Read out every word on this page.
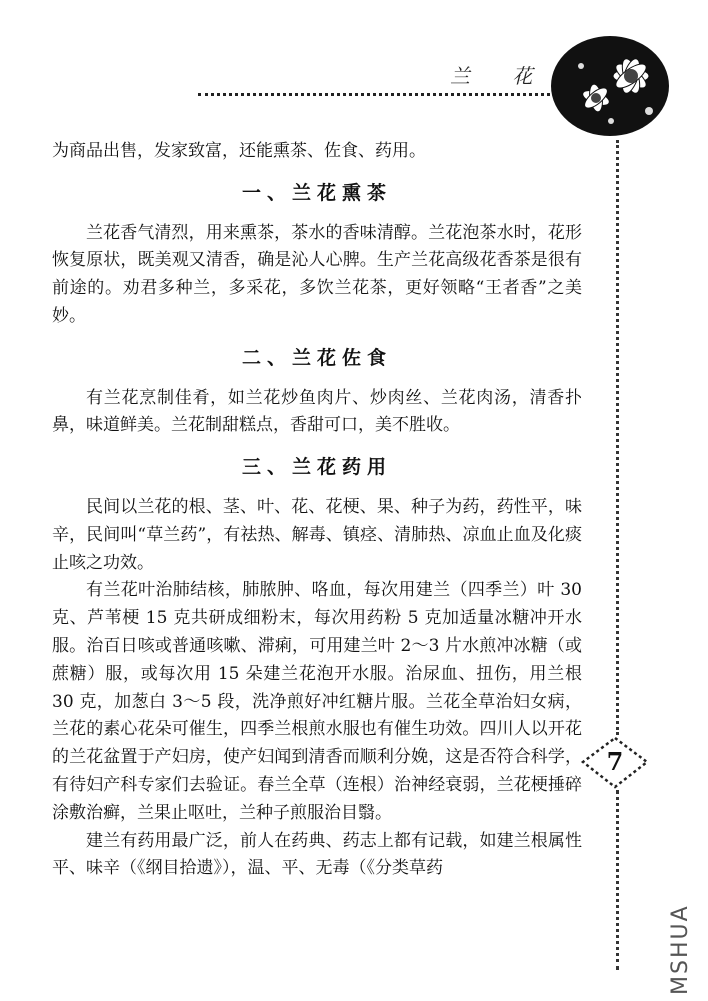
兰 花
7

为商品出售，发家致富，还能熏茶、佐食、药用。

一、兰花熏茶

兰花香气清烈，用来熏茶，茶水的香味清醇。兰花泡茶水时，花形恢复原状，既美观又清香，确是沁人心脾。生产兰花高级花香茶是很有前途的。劝君多种兰，多采花，多饮兰花茶，更好领略“王者香”之美妙。

二、兰花佐食

有兰花烹制佳肴，如兰花炒鱼肉片、炒肉丝、兰花肉汤，清香扑鼻，味道鲜美。兰花制甜糕点，香甜可口，美不胜收。

三、兰花药用

民间以兰花的根、茎、叶、花、花梗、果、种子为药，药性平，味辛，民间叫“草兰药”，有祛热、解毒、镇痉、清肺热、凉血止血及化痰止咳之功效。

有兰花叶治肺结核，肺脓肿、咯血，每次用建兰（四季兰）叶 30 克、芦苇梗 15 克共研成细粉末，每次用药粉 5 克加适量冰糖冲开水服。治百日咳或普通咳嗽、滞痢，可用建兰叶 2～3 片水煎冲冰糖（或蔗糖）服，或每次用 15 朵建兰花泡开水服。治尿血、扭伤，用兰根 30 克，加葱白 3～5 段，洗净煎好冲红糖片服。兰花全草治妇女病，兰花的素心花朵可催生，四季兰根煎水服也有催生功效。四川人以开花的兰花盆置于产妇房，使产妇闻到清香而顺利分娩，这是否符合科学，有待妇产科专家们去验证。春兰全草（连根）治神经衰弱，兰花梗捶碎涂敷治癣，兰果止呕吐，兰种子煎服治目翳。

建兰有药用最广泛，前人在药典、药志上都有记载，如建兰根属性平、味辛（《纲目拾遗》），温、平、无毒（《分类草药

MSHUA
